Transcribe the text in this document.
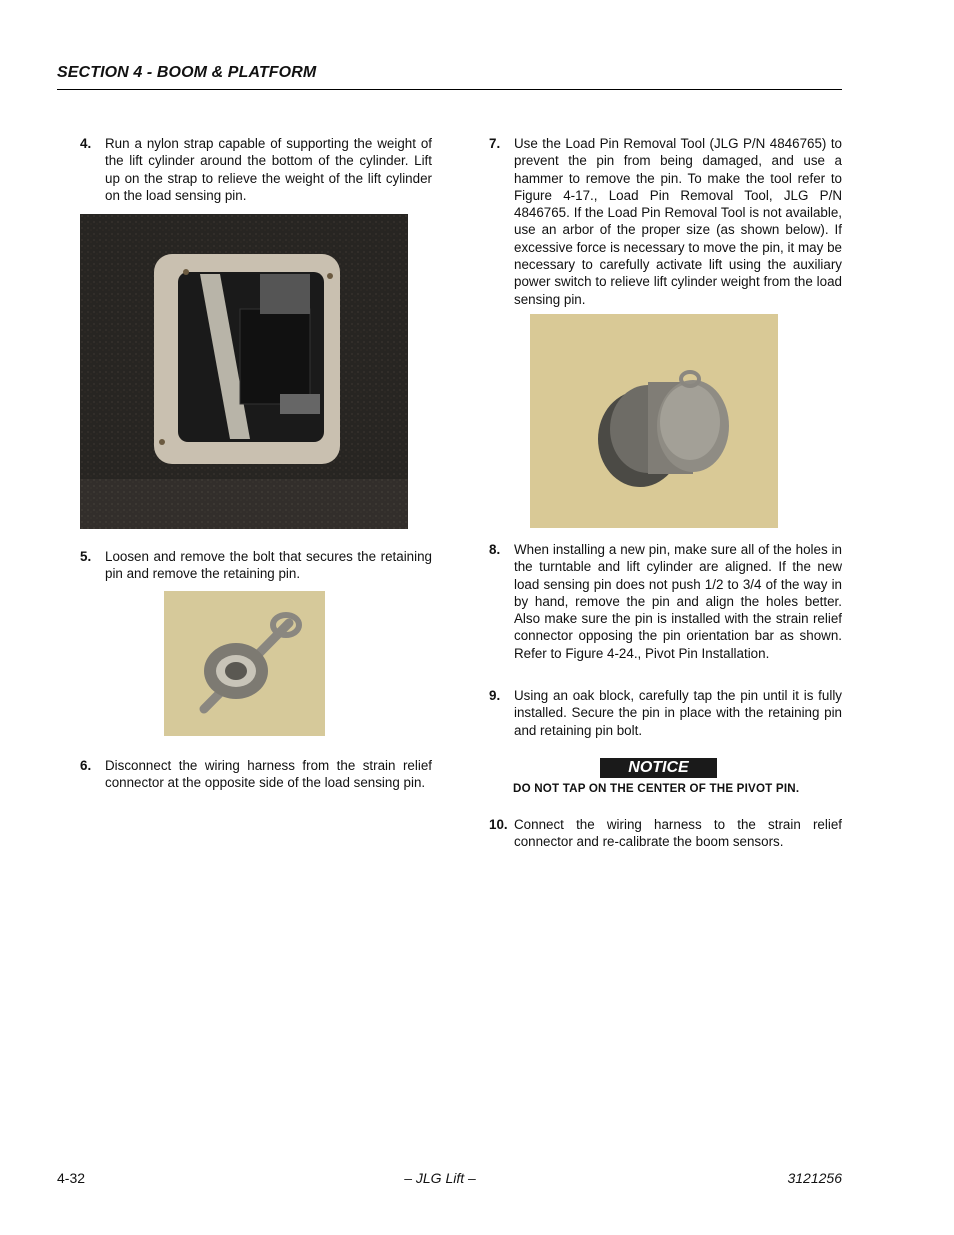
SECTION 4 - BOOM & PLATFORM
4. Run a nylon strap capable of supporting the weight of the lift cylinder around the bottom of the cylinder. Lift up on the strap to relieve the weight of the lift cylinder on the load sensing pin.
5. Loosen and remove the bolt that secures the retaining pin and remove the retaining pin.
6. Disconnect the wiring harness from the strain relief connector at the opposite side of the load sensing pin.
7. Use the Load Pin Removal Tool (JLG P/N 4846765) to prevent the pin from being damaged, and use a hammer to remove the pin. To make the tool refer to Figure 4-17., Load Pin Removal Tool, JLG P/N 4846765. If the Load Pin Removal Tool is not available, use an arbor of the proper size (as shown below). If excessive force is necessary to move the pin, it may be necessary to carefully activate lift using the auxiliary power switch to relieve lift cylinder weight from the load sensing pin.
8. When installing a new pin, make sure all of the holes in the turntable and lift cylinder are aligned. If the new load sensing pin does not push 1/2 to 3/4 of the way in by hand, remove the pin and align the holes better. Also make sure the pin is installed with the strain relief connector opposing the pin orientation bar as shown. Refer to Figure 4-24., Pivot Pin Installation.
9. Using an oak block, carefully tap the pin until it is fully installed. Secure the pin in place with the retaining pin and retaining pin bolt.
NOTICE
DO NOT TAP ON THE CENTER OF THE PIVOT PIN.
10. Connect the wiring harness to the strain relief connector and re-calibrate the boom sensors.
4-32	– JLG Lift –	3121256
